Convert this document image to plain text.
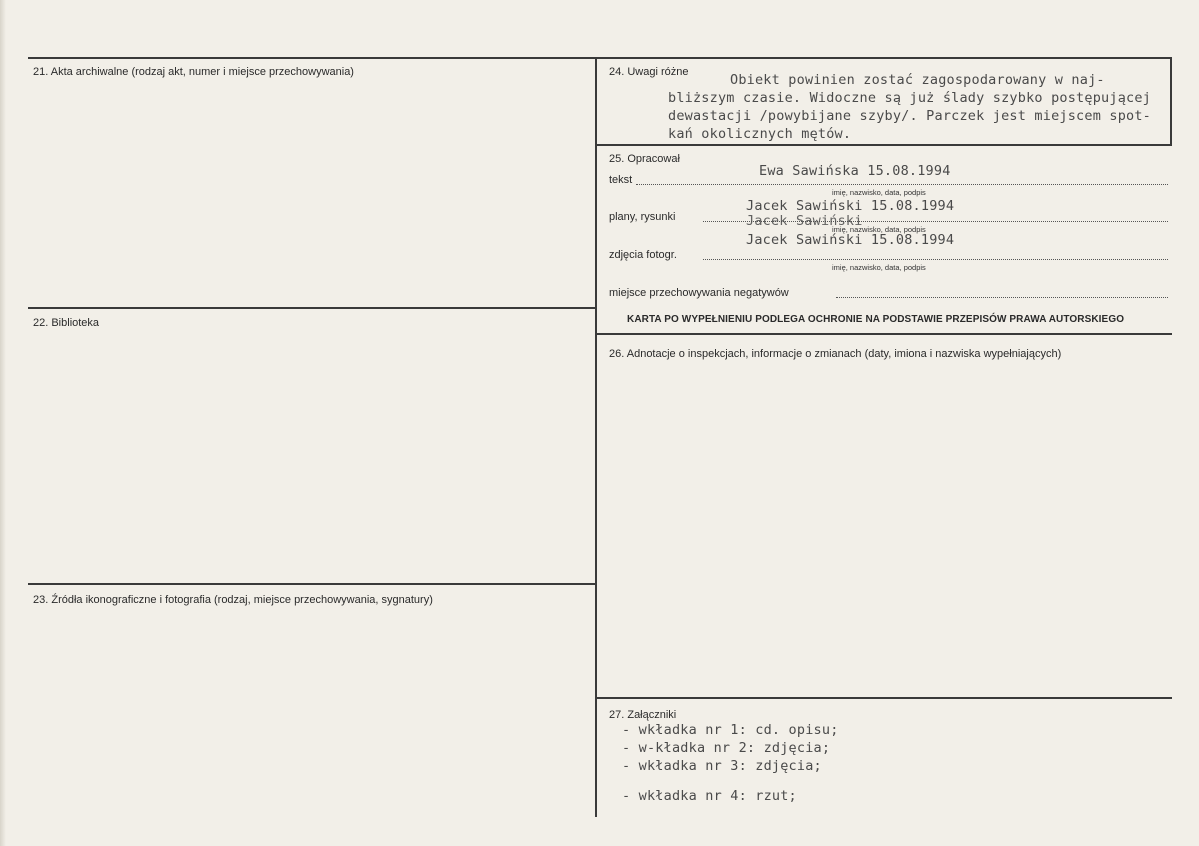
21. Akta archiwalne (rodzaj akt, numer i miejsce przechowywania)
22. Biblioteka
23. Źródła ikonograficzne i fotografia (rodzaj, miejsce przechowywania, sygnatury)
24. Uwagi różne	Obiekt powinien zostać zagospodarowany w naj-
bliższym czasie. Widoczne są już ślady szybko postępującej
dewastacji /powybijane szyby/. Parczek jest miejscem spot-
kań okolicznych mętów.
25. Opracował
tekst
Ewa Sawińska 15.08.1994
imię, nazwisko, data, podpis
plany, rysunki
Jacek Sawiński 15.08.1994
Jacek Sawiński
imię, nazwisko, data, podpis
zdjęcia fotogr.
Jacek Sawiński 15.08.1994
imię, nazwisko, data, podpis
miejsce przechowywania negatywów
KARTA PO WYPEŁNIENIU PODLEGA OCHRONIE NA PODSTAWIE PRZEPISÓW PRAWA AUTORSKIEGO
26. Adnotacje o inspekcjach, informacje o zmianach (daty, imiona i nazwiska wypełniających)
27. Załączniki
- wkładka nr 1: cd. opisu;
- w-kładka nr 2: zdjęcia;
- wkładka nr 3: zdjęcia;
- wkładka nr 4: rzut;
